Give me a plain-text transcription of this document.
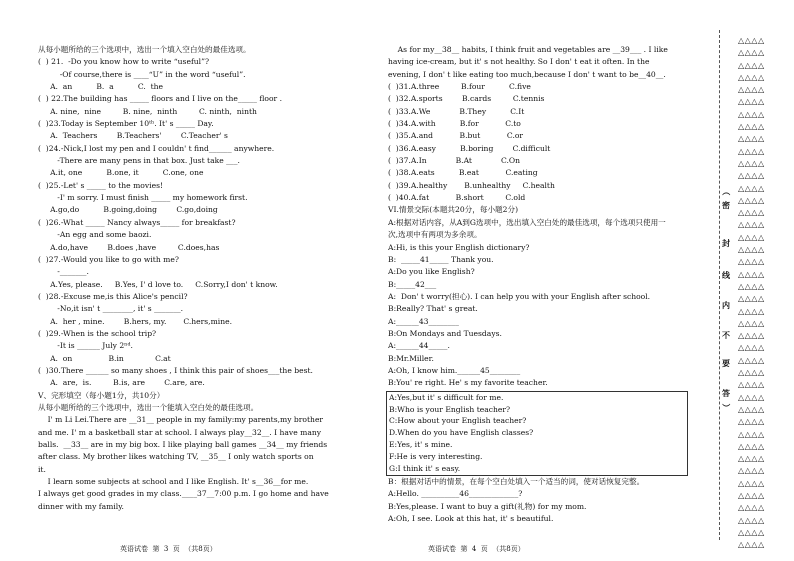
从每小题所给的三个选项中，选出一个填入空白处的最佳选项。
(  ) 21.  -Do you know how to write “useful”?
-Of course,there is ____“U” in the word “useful”.
A.  an          B.  a          C.  the
(  ) 22.The building has _____ floors and I live on the_____ floor .
A. nine,  nine         B. nine,  ninth         C. ninth,  ninth
(  )23.Today is September 10ᵗʰ. It' s _____ Day.
A.  Teachers        B.Teachers'        C.Teacher' s
(  )24.-Nick,I lost my pen and I couldn' t find______ anywhere.
-There are many pens in that box. Just take ___.
A.it, one          B.one, it          C.one, one
(  )25.-Let' s _____ to the movies!
-I' m sorry. I must finish _____ my homework first.
A.go,do          B.going,doing        C.go,doing
(  )26.-What _____ Nancy always_____ for breakfast?
-An egg and some baozi.
A.do,have        B.does ,have         C.does,has
(  )27.-Would you like to go with me?
-_______.
A.Yes, please.     B.Yes, I' d love to.     C.Sorry,I don' t know.
(  )28.-Excuse me,is this Alice's pencil?
-No,it isn' t ________, it' s _______.
A.  her , mine.        B.hers, my.       C.hers,mine.
(  )29.-When is the school trip?
-It is ______ July 2ⁿᵈ.
A.  on               B.in             C.at
(  )30.There ______ so many shoes , I think this pair of shoes___the best.
A.  are,  is.         B.is, are        C.are, are.
V、完形填空（每小题1分，共10分）
从每小题所给的三个选项中，选出一个能填入空白处的最佳选项。
I' m Li Lei.There are __31__ people in my family:my parents,my brother
and me. I' m a basketball star at school. I always play__32__. I have many
balls.  __33__ are in my big box. I like playing ball games __34__ my friends
after class. My brother likes watching TV, __35__ I only watch sports on
it.
I learn some subjects at school and I like English. It' s__36__for me.
I always get good grades in my class.____37__7:00 p.m. I go home and have
dinner with my family.
As for my__38__ habits, I think fruit and vegetables are __39___ . I like
having ice-cream, but it' s not healthy. So I don' t eat it often. In the
evening, I don' t like eating too much,because I don' t want to be__40__.
(  )31.A.three         B.four          C.five
(  )32.A.sports        B.cards         C.tennis
(  )33.A.We            B.They          C.It
(  )34.A.with          B.for           C.to
(  )35.A.and           B.but           C.or
(  )36.A.easy          B.boring        C.difficult
(  )37.A.In            B.At            C.On
(  )38.A.eats          B.eat           C.eating
(  )39.A.healthy       B.unhealthy     C.health
(  )40.A.fat           B.short         C.old
VI.情景交际(本题共20分，每小题2分)
A:根据对话内容，从A到G选项中，选出填入空白处的最佳选项，每个选项只使用一
次,选项中有两项为多余项。
A:Hi, is this your English dictionary?
B:  _____41_____ Thank you.
A:Do you like English?
B:_____42___
A:  Don' t worry(担心). I can help you with your English after school.
B:Really? That' s great.
A:______43________
B:On Mondays and Tuesdays.
A:______44_____.
B:Mr.Miller.
A:Oh, I know him.______45________
B:You' re right. He' s my favorite teacher.
A:Yes,but it' s difficult for me.
B:Who is your English teacher?
C:How about your English teacher?
D.When do you have English classes?
E:Yes, it' s mine.
F:He is very interesting.
G:I think it' s easy.
B：根据对话中的情景，在每个空白处填入一个适当的词，使对话恢复完整。
A:Hello. __________46_____________?
B:Yes,please. I want to buy a gift(礼物) for my mom.
A:Oh, I see. Look at this hat, it' s beautiful.
英语试卷  第  3  页  （共8页）	英语试卷  第  4  页  （共8页）
△△△△
△△△△
△△△△
△△△△
△△△△
△△△△
△△△△
△△△△
△△△△
△△△△
△△△△
△△△△
△△△△
△△△△
△△△△
△△△△
△△△△
△△△△
△△△△
△△△△
△△△△
△△△△
△△△△
△△△△
△△△△
△△△△
△△△△
△△△△
△△△△
△△△△
△△△△
△△△△
△△△△
△△△△
△△△△
△△△△
△△△△
△△△△
△△△△
△△△△
△△△△
△△△△
（
密
封
线
内
不
要
答
）
